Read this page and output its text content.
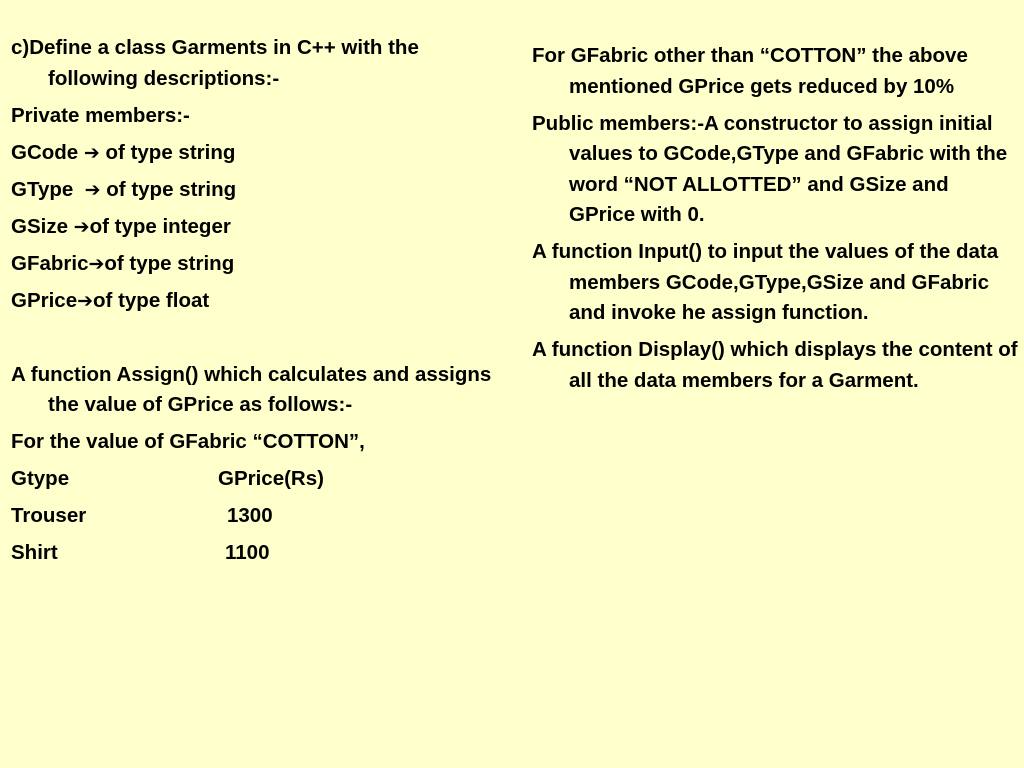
c)Define a class Garments in C++ with the following descriptions:-
Private members:-
GCode ➔ of type string
GType  ➔ of type string
GSize ➔of type integer
GFabric➔of type string
GPrice➔of type float
A function Assign() which calculates and assigns the value of GPrice as follows:-
For the value of GFabric “COTTON”,
Gtype	GPrice(Rs)
Trouser	1300
Shirt	1100
For GFabric other than “COTTON” the above mentioned GPrice gets reduced by 10%
Public members:-A constructor to assign initial values to GCode,GType and GFabric with the word “NOT ALLOTTED” and GSize and GPrice with 0.
A function Input() to input the values of the data members GCode,GType,GSize and GFabric and invoke he assign function.
A function Display() which displays the content of all the data members for a Garment.
